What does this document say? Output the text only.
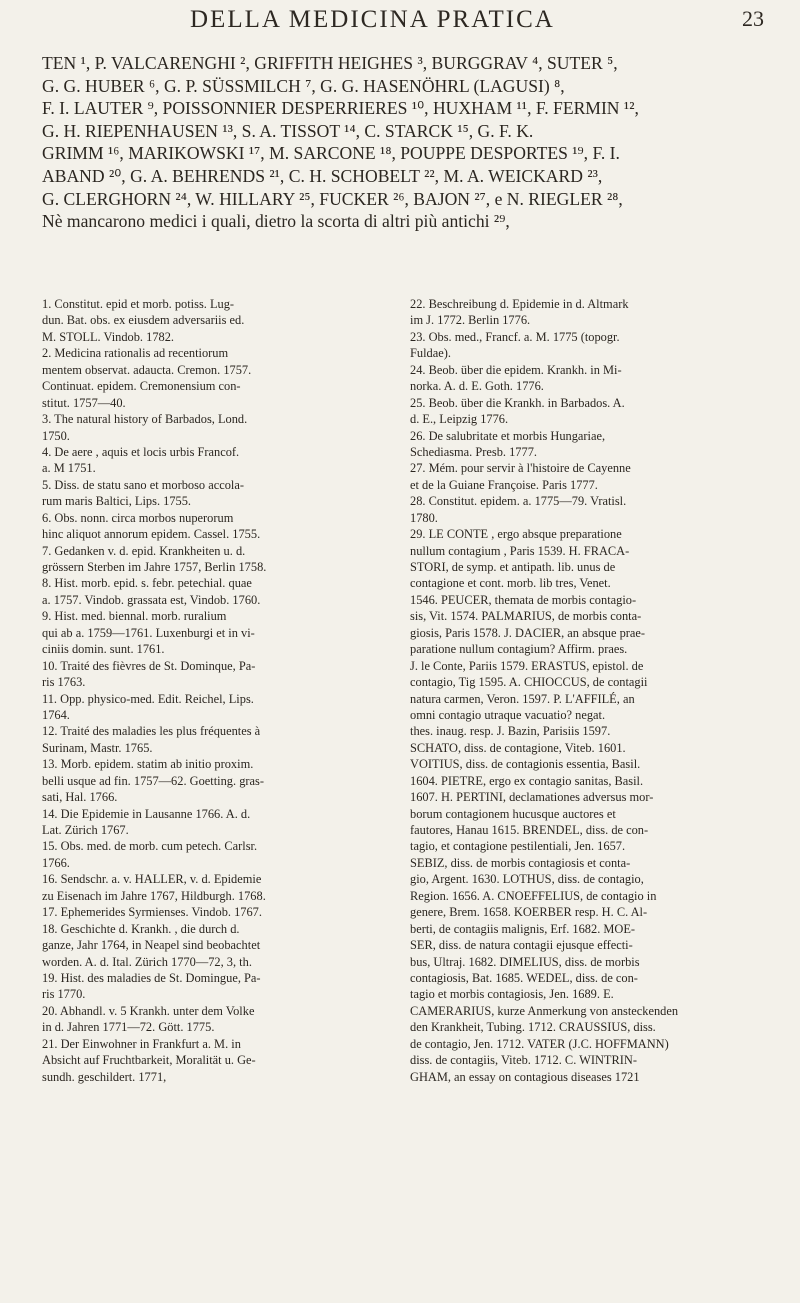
DELLA MEDICINA PRATICA	23
TEN ¹, P. VALCARENGHI ², GRIFFITH HEIGHES ³, BURGGRAV ⁴, SUTER ⁵,
G. G. HUBER ⁶, G. P. SÜSSMILCH ⁷, G. G. HASENÖHRL (LAGUSI) ⁸,
F. I. LAUTER ⁹, POISSONNIER DESPERRIERES ¹⁰, HUXHAM ¹¹, F. FERMIN ¹²,
G. H. RIEPENHAUSEN ¹³, S. A. TISSOT ¹⁴, C. STARCK ¹⁵, G. F. K.
GRIMM ¹⁶, MARIKOWSKI ¹⁷, M. SARCONE ¹⁸, POUPPE DESPORTES ¹⁹, F. I.
ABAND ²⁰, G. A. BEHRENDS ²¹, C. H. SCHOBELT ²², M. A. WEICKARD ²³,
G. CLERGHORN ²⁴, W. HILLARY ²⁵, FUCKER ²⁶, BAJON ²⁷, e N. RIEGLER ²⁸,
Nè mancarono medici i quali, dietro la scorta di altri più antichi ²⁹,
1. Constitut. epid et morb. potiss. Lug-
dun. Bat. obs. ex eiusdem adversariis ed.
M. STOLL. Vindob. 1782.
2. Medicina rationalis ad recentiorum
mentem observat. adaucta. Cremon. 1757.
Continuat. epidem. Cremonensium con-
stitut. 1757—40.
3. The natural history of Barbados, Lond.
1750.
4. De aere , aquis et locis urbis Francof.
a. M 1751.
5. Diss. de statu sano et morboso accola-
rum maris Baltici, Lips. 1755.
6. Obs. nonn. circa morbos nuperorum
hinc aliquot annorum epidem. Cassel. 1755.
7. Gedanken v. d. epid. Krankheiten u. d.
grössern Sterben im Jahre 1757, Berlin 1758.
8. Hist. morb. epid. s. febr. petechial. quae
a. 1757. Vindob. grassata est, Vindob. 1760.
9. Hist. med. biennal. morb. ruralium
qui ab a. 1759—1761. Luxenburgi et in vi-
ciniis domin. sunt. 1761.
10. Traité des fièvres de St. Dominque, Pa-
ris 1763.
11. Opp. physico-med. Edit. Reichel, Lips.
1764.
12. Traité des maladies les plus fréquentes à
Surinam, Mastr. 1765.
13. Morb. epidem. statim ab initio proxim.
belli usque ad fin. 1757—62. Goetting. gras-
sati, Hal. 1766.
14. Die Epidemie in Lausanne 1766. A. d.
Lat. Zürich 1767.
15. Obs. med. de morb. cum petech. Carlsr.
1766.
16. Sendschr. a. v. HALLER, v. d. Epidemie
zu Eisenach im Jahre 1767, Hildburgh. 1768.
17. Ephemerides Syrmienses. Vindob. 1767.
18. Geschichte d. Krankh. , die durch d.
ganze, Jahr 1764, in Neapel sind beobachtet
worden. A. d. Ital. Zürich 1770—72, 3, th.
19. Hist. des maladies de St. Domingue, Pa-
ris 1770.
20. Abhandl. v. 5 Krankh. unter dem Volke
in d. Jahren 1771—72. Gött. 1775.
21. Der Einwohner in Frankfurt a. M. in
Absicht auf Fruchtbarkeit, Moralität u. Ge-
sundh. geschildert. 1771,
22. Beschreibung d. Epidemie in d. Altmark
im J. 1772. Berlin 1776.
23. Obs. med., Francf. a. M. 1775 (topogr.
Fuldae).
24. Beob. über die epidem. Krankh. in Mi-
norka. A. d. E. Goth. 1776.
25. Beob. über die Krankh. in Barbados. A.
d. E., Leipzig 1776.
26. De salubritate et morbis Hungariae,
Schediasma. Presb. 1777.
27. Mém. pour servir à l'histoire de Cayenne
et de la Guiane Françoise. Paris 1777.
28. Constitut. epidem. a. 1775—79. Vratisl.
1780.
29. LE CONTE , ergo absque preparatione
nullum contagium , Paris 1539. H. FRACA-
STORI, de symp. et antipath. lib. unus de
contagione et cont. morb. lib tres, Venet.
1546. PEUCER, themata de morbis contagio-
sis, Vit. 1574. PALMARIUS, de morbis conta-
giosis, Paris 1578. J. DACIER, an absque prae-
paratione nullum contagium? Affirm. praes.
J. le Conte, Pariis 1579. ERASTUS, epistol. de
contagio, Tig 1595. A. CHIOCCUS, de contagii
natura carmen, Veron. 1597. P. L'AFFILÉ, an
omni contagio utraque vacuatio? negat.
thes. inaug. resp. J. Bazin, Parisiis 1597.
SCHATO, diss. de contagione, Viteb. 1601.
VOITIUS, diss. de contagionis essentia, Basil.
1604. PIETRE, ergo ex contagio sanitas, Basil.
1607. H. PERTINI, declamationes adversus mor-
borum contagionem hucusque auctores et
fautores, Hanau 1615. BRENDEL, diss. de con-
tagio, et contagione pestilentiali, Jen. 1657.
SEBIZ, diss. de morbis contagiosis et conta-
gio, Argent. 1630. LOTHUS, diss. de contagio,
Region. 1656. A. CNOEFFELIUS, de contagio in
genere, Brem. 1658. KOERBER resp. H. C. Al-
berti, de contagiis malignis, Erf. 1682. MOE-
SER, diss. de natura contagii ejusque effecti-
bus, Ultraj. 1682. DIMELIUS, diss. de morbis
contagiosis, Bat. 1685. WEDEL, diss. de con-
tagio et morbis contagiosis, Jen. 1689. E.
CAMERARIUS, kurze Anmerkung von ansteckenden
den Krankheit, Tubing. 1712. CRAUSSIUS, diss.
de contagio, Jen. 1712. VATER (J.C. HOFFMANN)
diss. de contagiis, Viteb. 1712. C. WINTRIN-
GHAM, an essay on contagious diseases 1721
